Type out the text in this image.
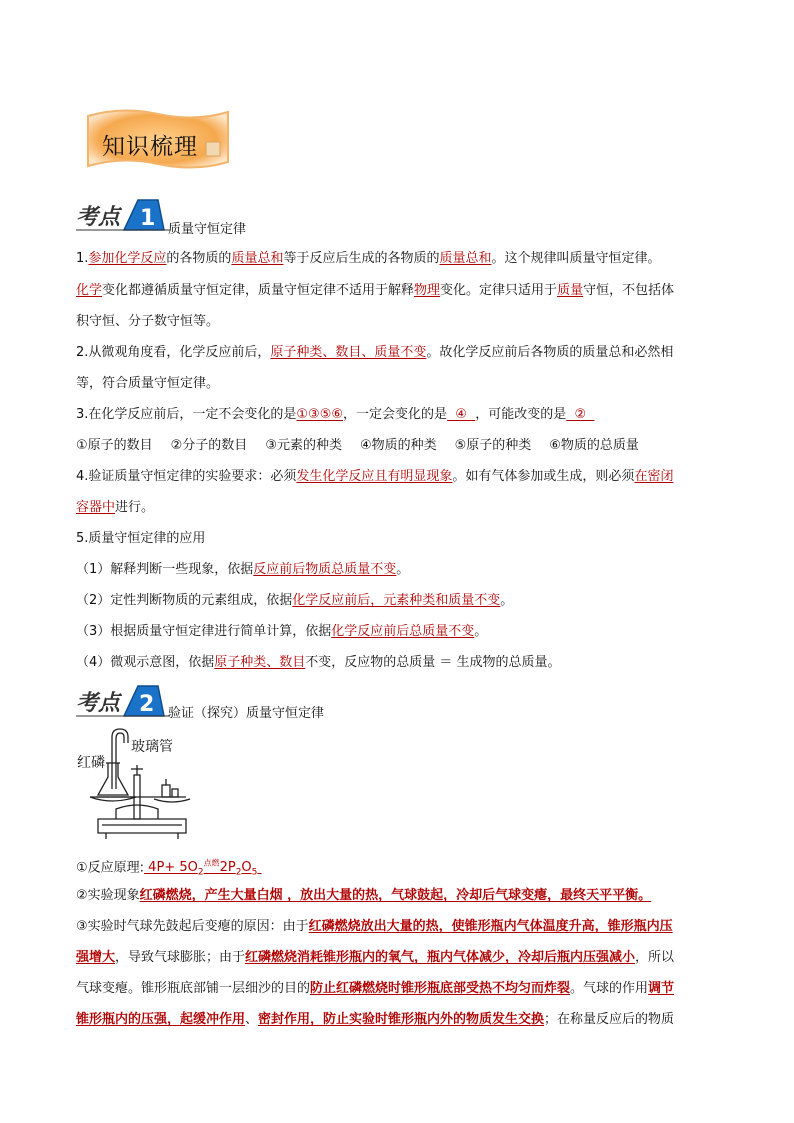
知识梳理
考点 1 质量守恒定律
1.参加化学反应的各物质的质量总和等于反应后生成的各物质的质量总和。这个规律叫质量守恒定律。
化学变化都遵循质量守恒定律，质量守恒定律不适用于解释物理变化。定律只适用于质量守恒，不包括体
积守恒、分子数守恒等。
2.从微观角度看，化学反应前后，原子种类、数目、质量不变。故化学反应前后各物质的质量总和必然相
等，符合质量守恒定律。
3.在化学反应前后，一定不会变化的是①③⑤⑥，一定会变化的是  ④  ，可能改变的是  ②
①原子的数目 ②分子的数目 ③元素的种类 ④物质的种类 ⑤原子的种类 ⑥物质的总质量
4.验证质量守恒定律的实验要求：必须发生化学反应且有明显现象。如有气体参加或生成，则必须在密闭
容器中进行。
5.质量守恒定律的应用
（1）解释判断一些现象，依据反应前后物质总质量不变。
（2）定性判断物质的元素组成，依据化学反应前后，元素种类和质量不变。
（3）根据质量守恒定律进行简单计算，依据化学反应前后总质量不变。
（4）微观示意图，依据原子种类、数目不变，反应物的总质量 ＝ 生成物的总质量。
考点 2 验证（探究）质量守恒定律
红磷
玻璃管
①反应原理: $4P+ 5O_2^{点燃}2P_2O_5$
②实验现象红磷燃烧，产生大量白烟 ，放出大量的热，气球鼓起，冷却后气球变瘪，最终天平平衡。
③实验时气球先鼓起后变瘪的原因：由于红磷燃烧放出大量的热，使锥形瓶内气体温度升高，锥形瓶内压
强增大，导致气球膨胀；由于红磷燃烧消耗锥形瓶内的氧气，瓶内气体减少，冷却后瓶内压强减小，所以
气球变瘪。锥形瓶底部铺一层细沙的目的防止红磷燃烧时锥形瓶底部受热不均匀而炸裂。气球的作用调节
锥形瓶内的压强，起缓冲作用、密封作用，防止实验时锥形瓶内外的物质发生交换；在称量反应后的物质
